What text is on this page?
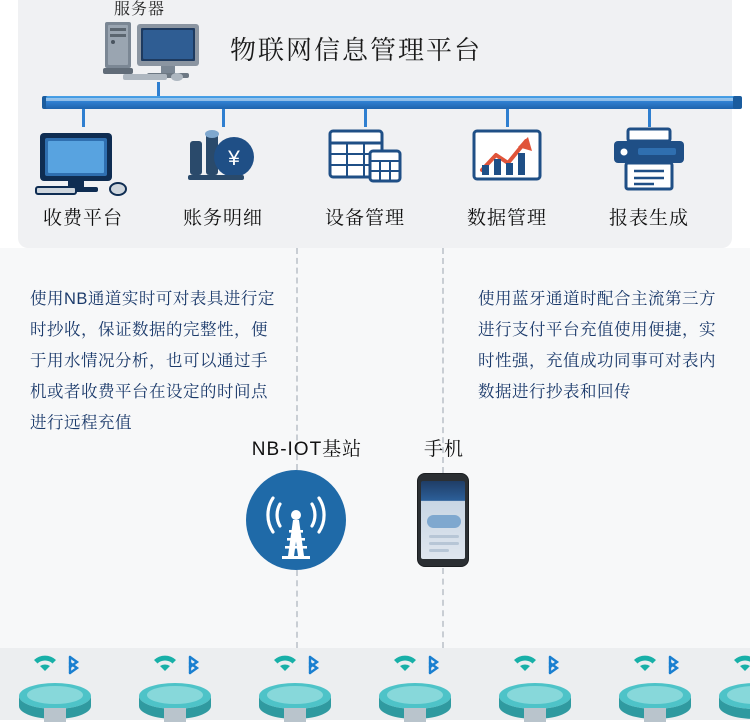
服务器
物联网信息管理平台
收费平台
¥
账务明细	设备管理	数据管理	报表生成
使用NB通道实时可对表具进行定时抄收，保证数据的完整性，便于用水情况分析，也可以通过手机或者收费平台在设定的时间点进行远程充值
使用蓝牙通道时配合主流第三方进行支付平台充值使用便捷，实时性强，充值成功同事可对表内数据进行抄表和回传
NB-IOT基站	手机
